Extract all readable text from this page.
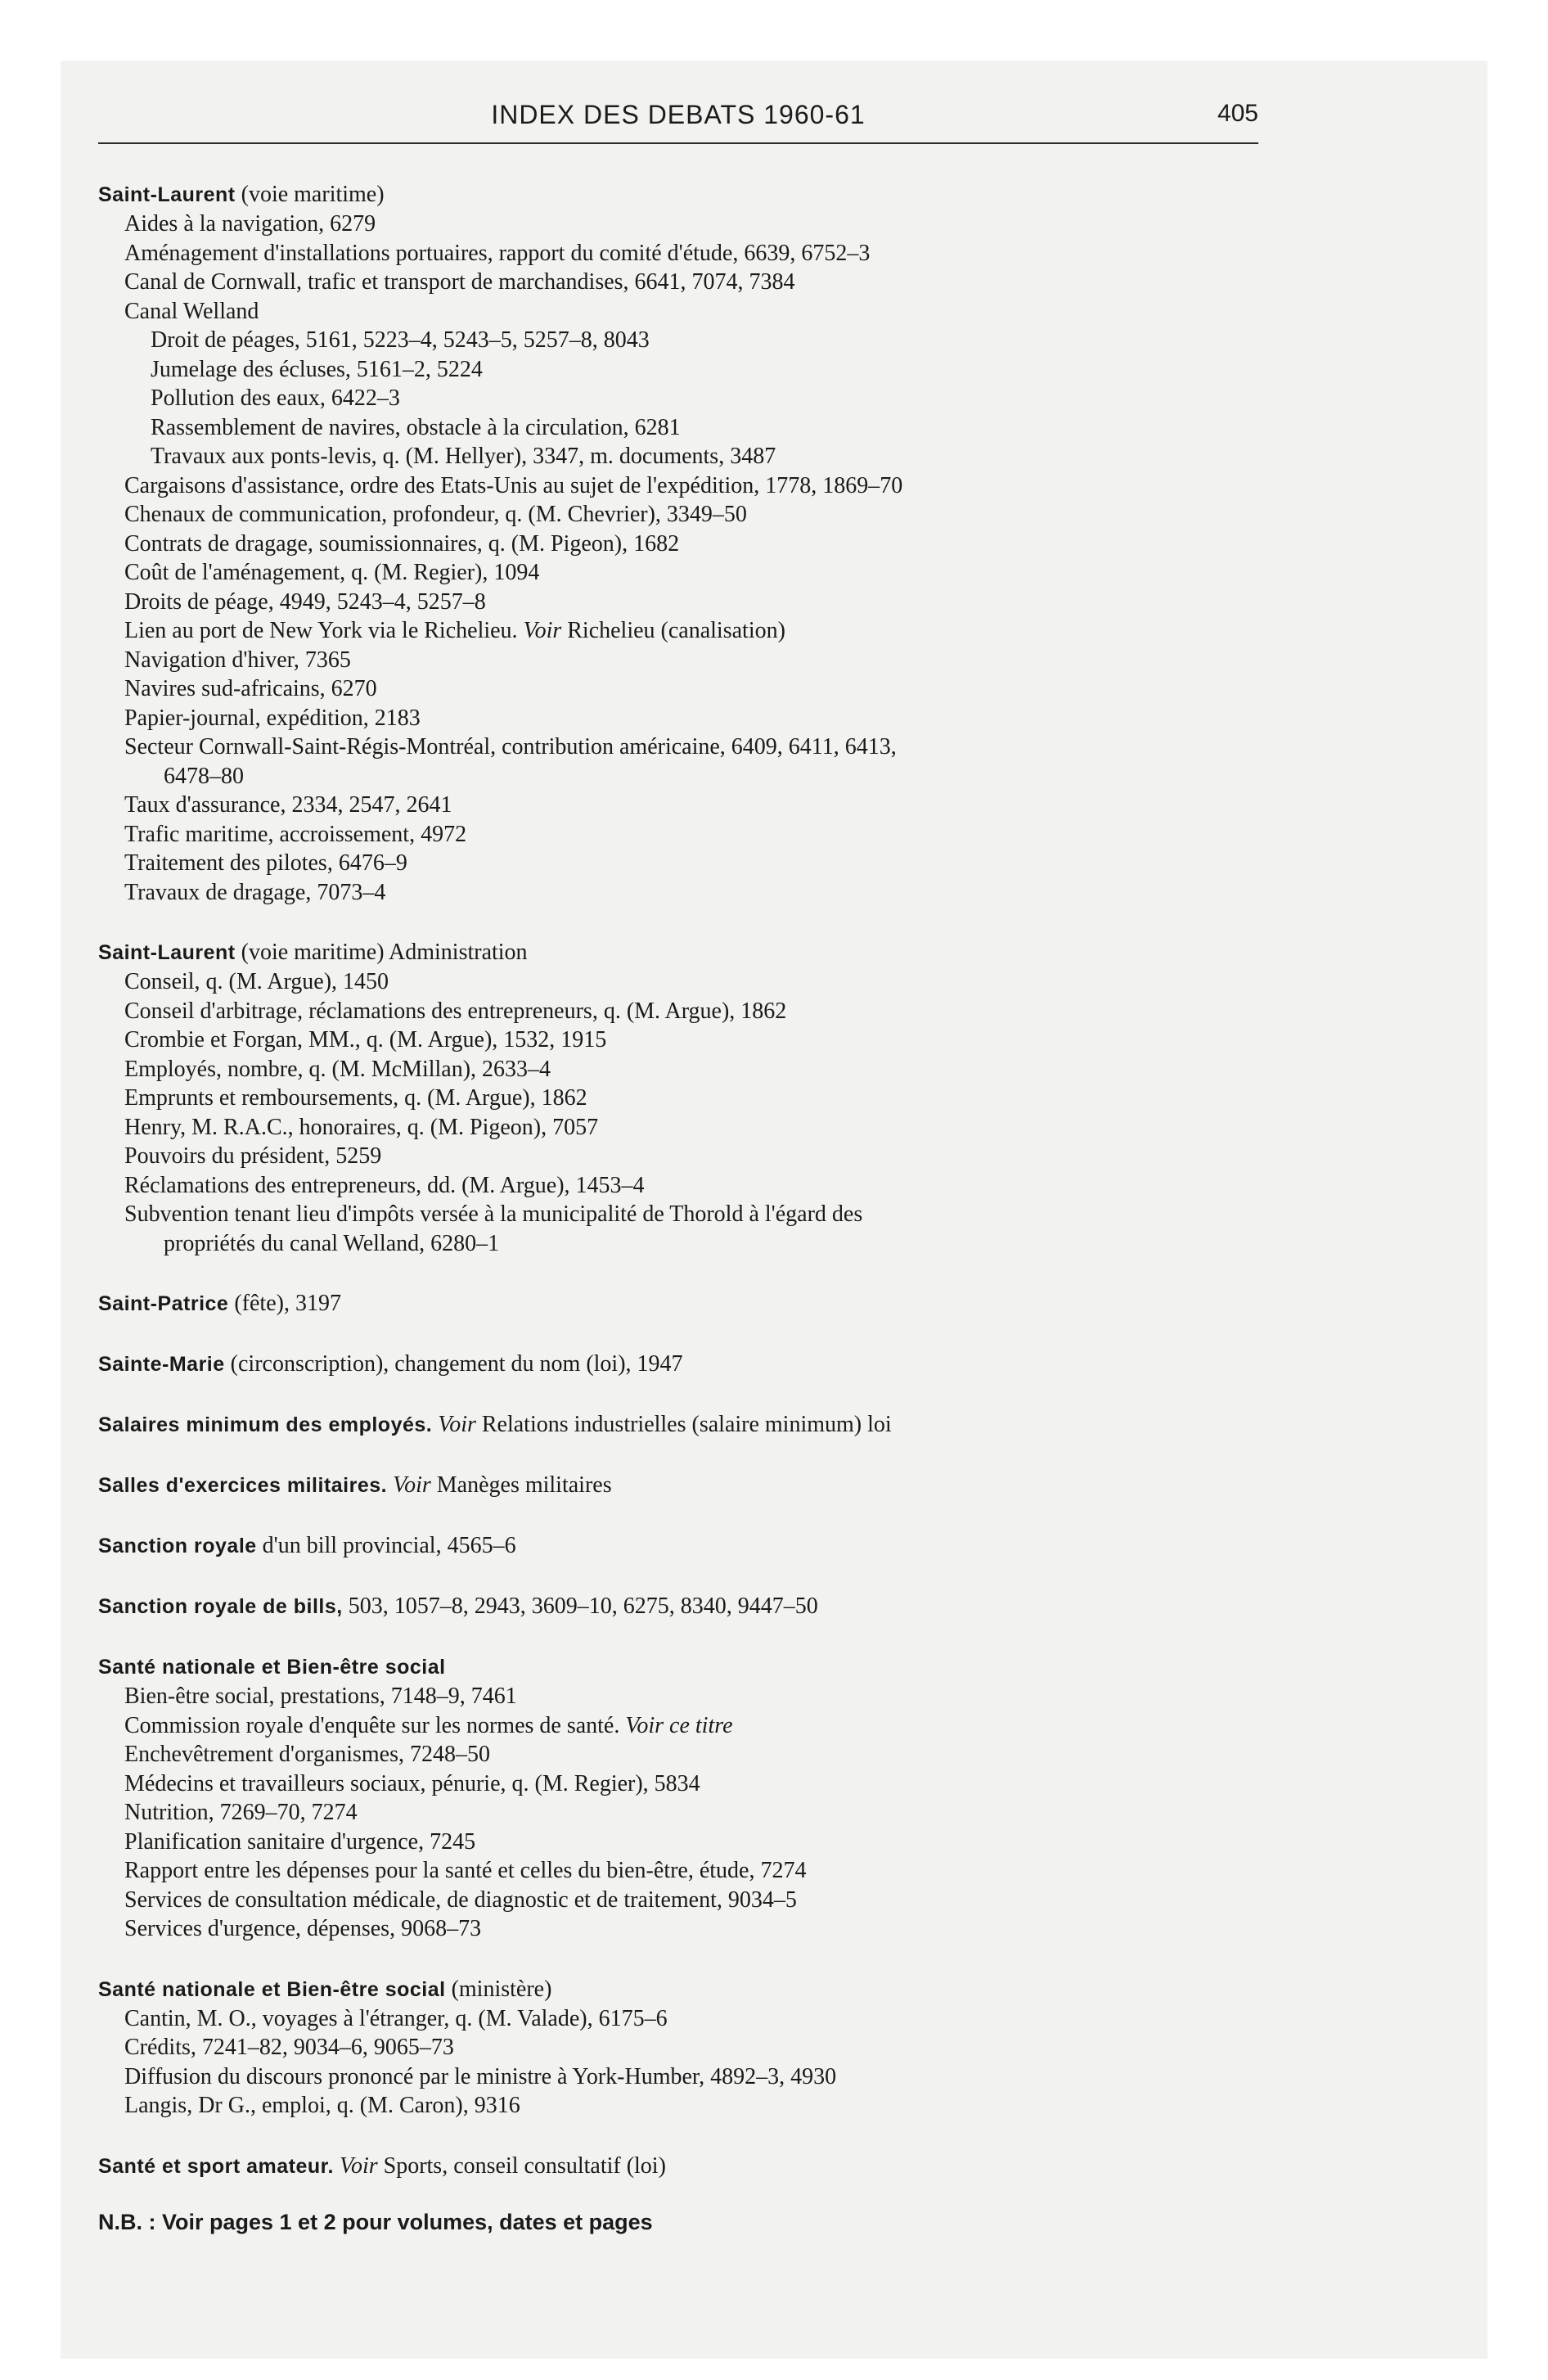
INDEX DES DEBATS 1960-61	405
Saint-Laurent (voie maritime)
Aides à la navigation, 6279
Aménagement d'installations portuaires, rapport du comité d'étude, 6639, 6752–3
Canal de Cornwall, trafic et transport de marchandises, 6641, 7074, 7384
Canal Welland
Droit de péages, 5161, 5223–4, 5243–5, 5257–8, 8043
Jumelage des écluses, 5161–2, 5224
Pollution des eaux, 6422–3
Rassemblement de navires, obstacle à la circulation, 6281
Travaux aux ponts-levis, q. (M. Hellyer), 3347, m. documents, 3487
Cargaisons d'assistance, ordre des Etats-Unis au sujet de l'expédition, 1778, 1869–70
Chenaux de communication, profondeur, q. (M. Chevrier), 3349–50
Contrats de dragage, soumissionnaires, q. (M. Pigeon), 1682
Coût de l'aménagement, q. (M. Regier), 1094
Droits de péage, 4949, 5243–4, 5257–8
Lien au port de New York via le Richelieu. Voir Richelieu (canalisation)
Navigation d'hiver, 7365
Navires sud-africains, 6270
Papier-journal, expédition, 2183
Secteur Cornwall-Saint-Régis-Montréal, contribution américaine, 6409, 6411, 6413,
6478–80
Taux d'assurance, 2334, 2547, 2641
Trafic maritime, accroissement, 4972
Traitement des pilotes, 6476–9
Travaux de dragage, 7073–4
Saint-Laurent (voie maritime) Administration
Conseil, q. (M. Argue), 1450
Conseil d'arbitrage, réclamations des entrepreneurs, q. (M. Argue), 1862
Crombie et Forgan, MM., q. (M. Argue), 1532, 1915
Employés, nombre, q. (M. McMillan), 2633–4
Emprunts et remboursements, q. (M. Argue), 1862
Henry, M. R.A.C., honoraires, q. (M. Pigeon), 7057
Pouvoirs du président, 5259
Réclamations des entrepreneurs, dd. (M. Argue), 1453–4
Subvention tenant lieu d'impôts versée à la municipalité de Thorold à l'égard des
propriétés du canal Welland, 6280–1
Saint-Patrice (fête), 3197
Sainte-Marie (circonscription), changement du nom (loi), 1947
Salaires minimum des employés. Voir Relations industrielles (salaire minimum) loi
Salles d'exercices militaires. Voir Manèges militaires
Sanction royale d'un bill provincial, 4565–6
Sanction royale de bills, 503, 1057–8, 2943, 3609–10, 6275, 8340, 9447–50
Santé nationale et Bien-être social
Bien-être social, prestations, 7148–9, 7461
Commission royale d'enquête sur les normes de santé. Voir ce titre
Enchevêtrement d'organismes, 7248–50
Médecins et travailleurs sociaux, pénurie, q. (M. Regier), 5834
Nutrition, 7269–70, 7274
Planification sanitaire d'urgence, 7245
Rapport entre les dépenses pour la santé et celles du bien-être, étude, 7274
Services de consultation médicale, de diagnostic et de traitement, 9034–5
Services d'urgence, dépenses, 9068–73
Santé nationale et Bien-être social (ministère)
Cantin, M. O., voyages à l'étranger, q. (M. Valade), 6175–6
Crédits, 7241–82, 9034–6, 9065–73
Diffusion du discours prononcé par le ministre à York-Humber, 4892–3, 4930
Langis, Dr G., emploi, q. (M. Caron), 9316
Santé et sport amateur. Voir Sports, conseil consultatif (loi)
N.B. : Voir pages 1 et 2 pour volumes, dates et pages
